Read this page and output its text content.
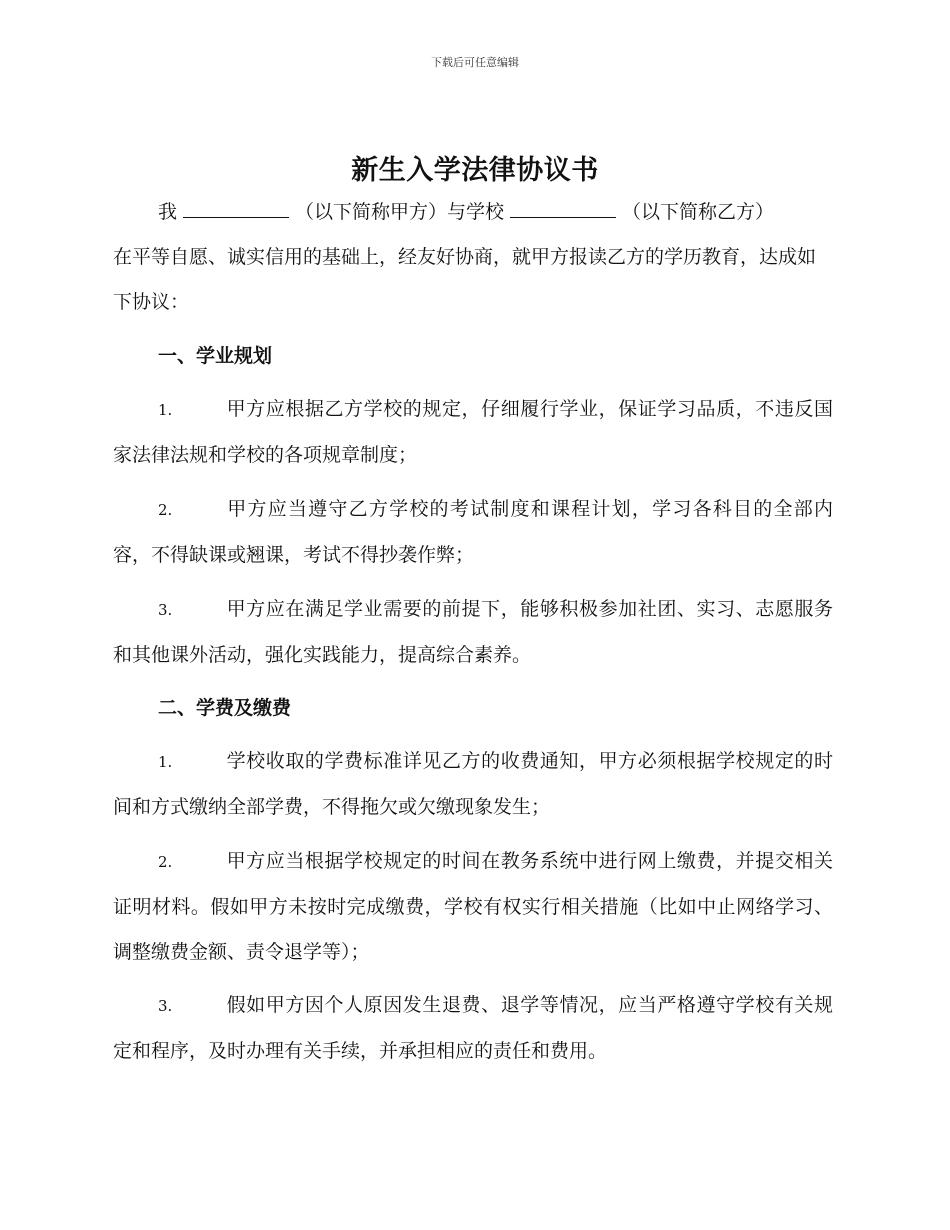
下载后可任意编辑
新生入学法律协议书
我	（以下简称甲方）与学校	（以下简称乙方）
在平等自愿、诚实信用的基础上，经友好协商，就甲方报读乙方的学历教育，达成如下协议：
一、学业规划
1.	甲方应根据乙方学校的规定，仔细履行学业，保证学习品质，不违反国家法律法规和学校的各项规章制度；
2.	甲方应当遵守乙方学校的考试制度和课程计划，学习各科目的全部内容，不得缺课或翘课，考试不得抄袭作弊；
3.	甲方应在满足学业需要的前提下，能够积极参加社团、实习、志愿服务和其他课外活动，强化实践能力，提高综合素养。
二、学费及缴费
1.	学校收取的学费标准详见乙方的收费通知，甲方必须根据学校规定的时间和方式缴纳全部学费，不得拖欠或欠缴现象发生；
2.	甲方应当根据学校规定的时间在教务系统中进行网上缴费，并提交相关证明材料。假如甲方未按时完成缴费，学校有权实行相关措施（比如中止网络学习、调整缴费金额、责令退学等）；
3.	假如甲方因个人原因发生退费、退学等情况，应当严格遵守学校有关规定和程序，及时办理有关手续，并承担相应的责任和费用。
